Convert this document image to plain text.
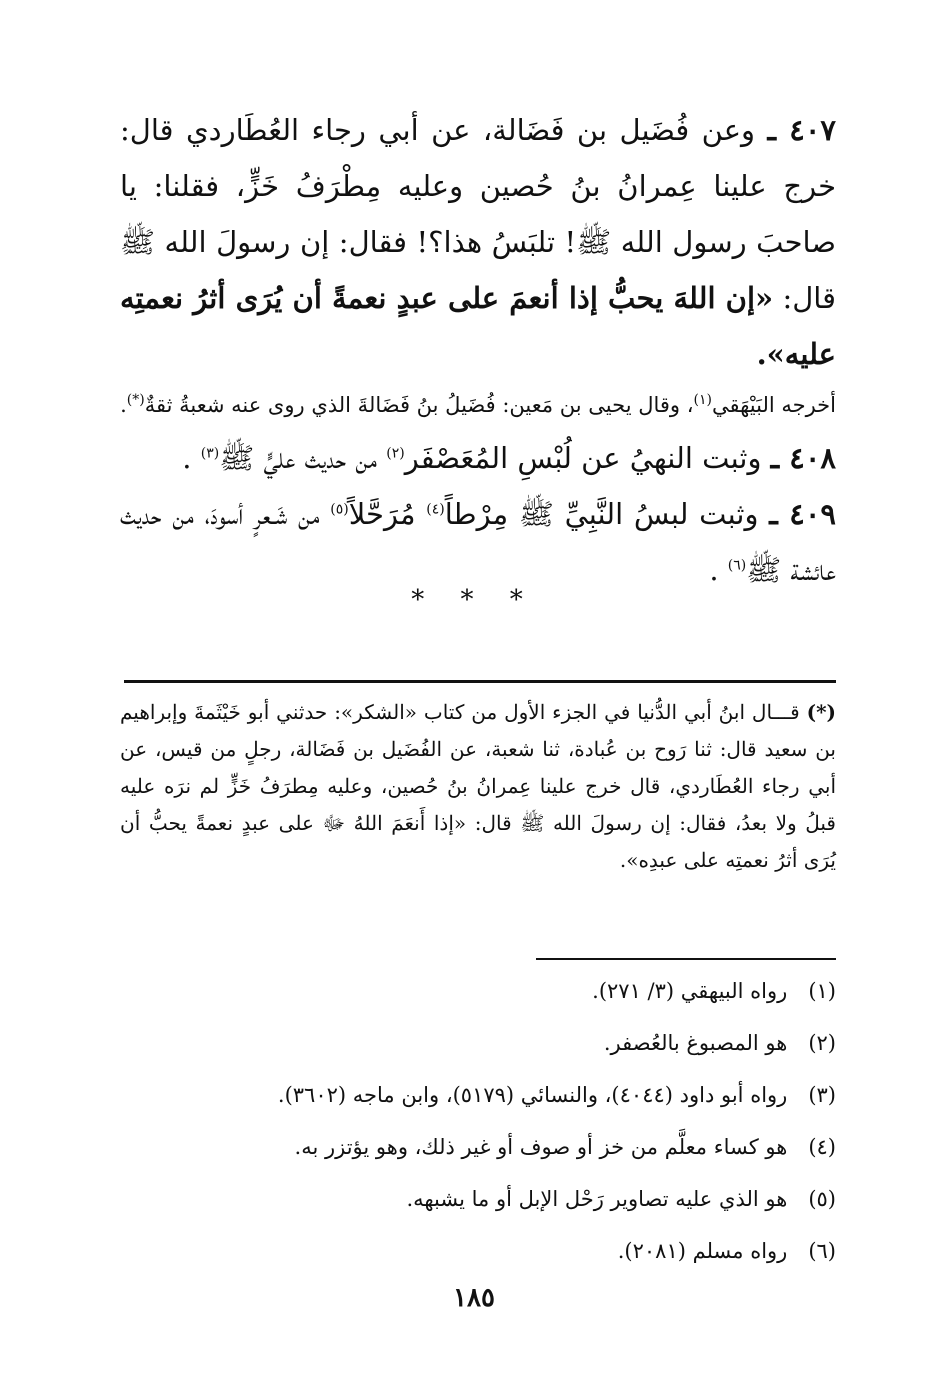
٤٠٧ ـ وعن فُضَيل بن فَضَالة، عن أبي رجاء العُطَاردي قال: خرج علينا عِمرانُ بنُ حُصين وعليه مِطْرَفُ خَزٍّ، فقلنا: يا صاحبَ رسول الله ﷺ! تلبَسُ هذا؟! فقال: إن رسولَ الله ﷺ قال: «إن اللهَ يحبُّ إذا أنعمَ على عبدٍ نعمةً أن يُرَى أثرُ نعمتِه عليه».

أخرجه البَيْهَقي$^{(١)}$، وقال يحيى بن مَعين: فُضَيلُ بنُ فَضَالةَ الذي روى عنه شعبةُ ثقةٌ(*).

٤٠٨ ـ وثبت النهيُ عن لُبْسِ المُعَصْفَر$^{(٢)}$ من حديث عليٍّ ﷺ$^{(٣)}$ .

٤٠٩ ـ وثبت لبسُ النَّبِيِّ ﷺ مِرْطاً$^{(٤)}$ مُرَحَّلاً$^{(٥)}$ من شَـعرٍ أسودَ، من حديث عائشة ﷺ$^{(٦)}$ .

* * *

(*) قـــال ابنُ أبي الدُّنيا في الجزء الأول من كتاب «الشكر»: حدثني أبو خَيْثَمةَ وإبراهيم بن سعيد قال: ثنا رَوح بن عُبادة، ثنا شعبة، عن الفُضَيل بن فَضَالة، رجلٍ من قيس، عن أبي رجاء العُطَاردي، قال خرج علينا عِمرانُ بنُ حُصين، وعليه مِطرَفُ خَزٍّ لم نرَه عليه قبلُ ولا بعدُ، فقال: إن رسولَ الله ﷺ قال: «إذا أَنعَمَ اللهُ ﷻ على عبدٍ نعمةً يحبُّ أن يُرَى أثرُ نعمتِه على عبدِه».

(١) رواه البيهقي (٣/ ٢٧١).

(٢) هو المصبوغ بالعُصفر.

(٣) رواه أبو داود (٤٠٤٤)، والنسائي (٥١٧٩)، وابن ماجه (٣٦٠٢).

(٤) هو كساء معلَّم من خز أو صوف أو غير ذلك، وهو يؤتزر به.

(٥) هو الذي عليه تصاوير رَحْل الإبل أو ما يشبهه.

(٦) رواه مسلم (٢٠٨١).

١٨٥
